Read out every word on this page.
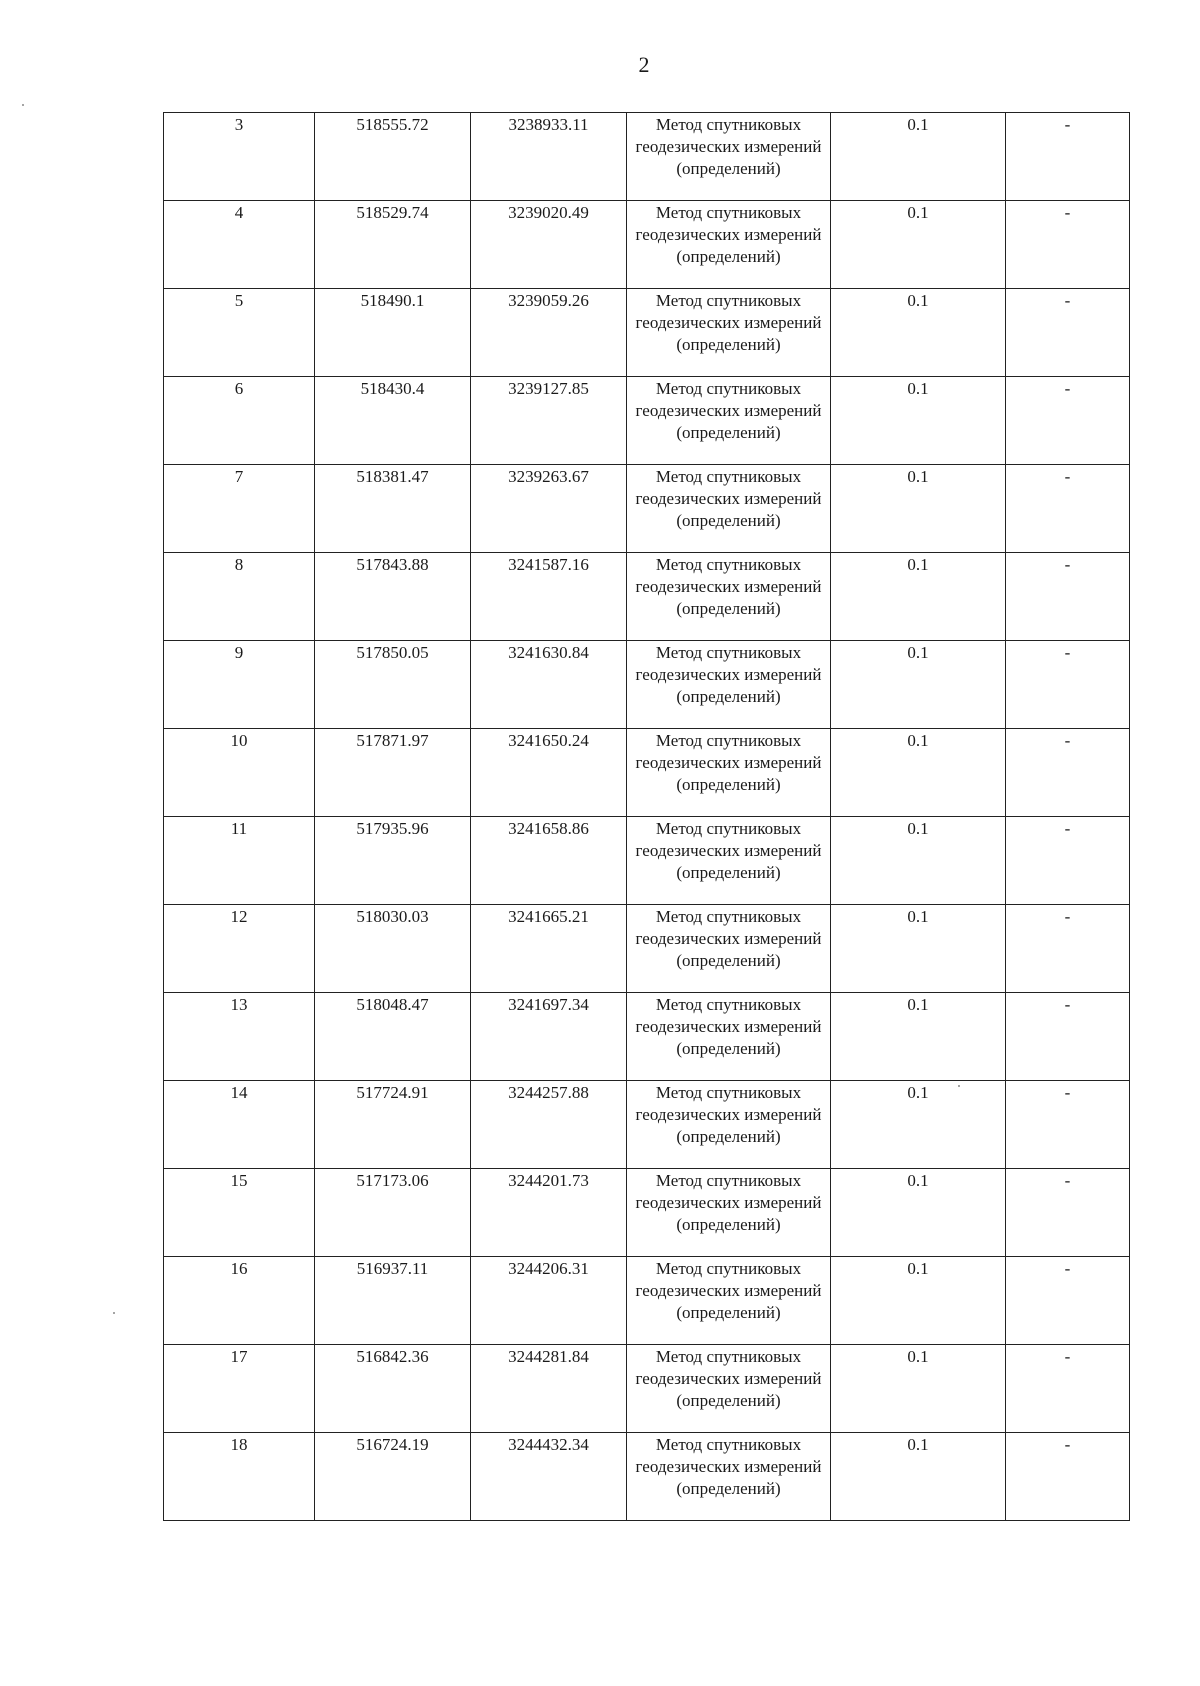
2
3	518555.72	3238933.11	Метод спутниковых геодезических измерений (определений)	0.1	-
4	518529.74	3239020.49	Метод спутниковых геодезических измерений (определений)	0.1	-
5	518490.1	3239059.26	Метод спутниковых геодезических измерений (определений)	0.1	-
6	518430.4	3239127.85	Метод спутниковых геодезических измерений (определений)	0.1	-
7	518381.47	3239263.67	Метод спутниковых геодезических измерений (определений)	0.1	-
8	517843.88	3241587.16	Метод спутниковых геодезических измерений (определений)	0.1	-
9	517850.05	3241630.84	Метод спутниковых геодезических измерений (определений)	0.1	-
10	517871.97	3241650.24	Метод спутниковых геодезических измерений (определений)	0.1	-
11	517935.96	3241658.86	Метод спутниковых геодезических измерений (определений)	0.1	-
12	518030.03	3241665.21	Метод спутниковых геодезических измерений (определений)	0.1	-
13	518048.47	3241697.34	Метод спутниковых геодезических измерений (определений)	0.1	-
14	517724.91	3244257.88	Метод спутниковых геодезических измерений (определений)	0.1	-
15	517173.06	3244201.73	Метод спутниковых геодезических измерений (определений)	0.1	-
16	516937.11	3244206.31	Метод спутниковых геодезических измерений (определений)	0.1	-
17	516842.36	3244281.84	Метод спутниковых геодезических измерений (определений)	0.1	-
18	516724.19	3244432.34	Метод спутниковых геодезических измерений (определений)	0.1	-
